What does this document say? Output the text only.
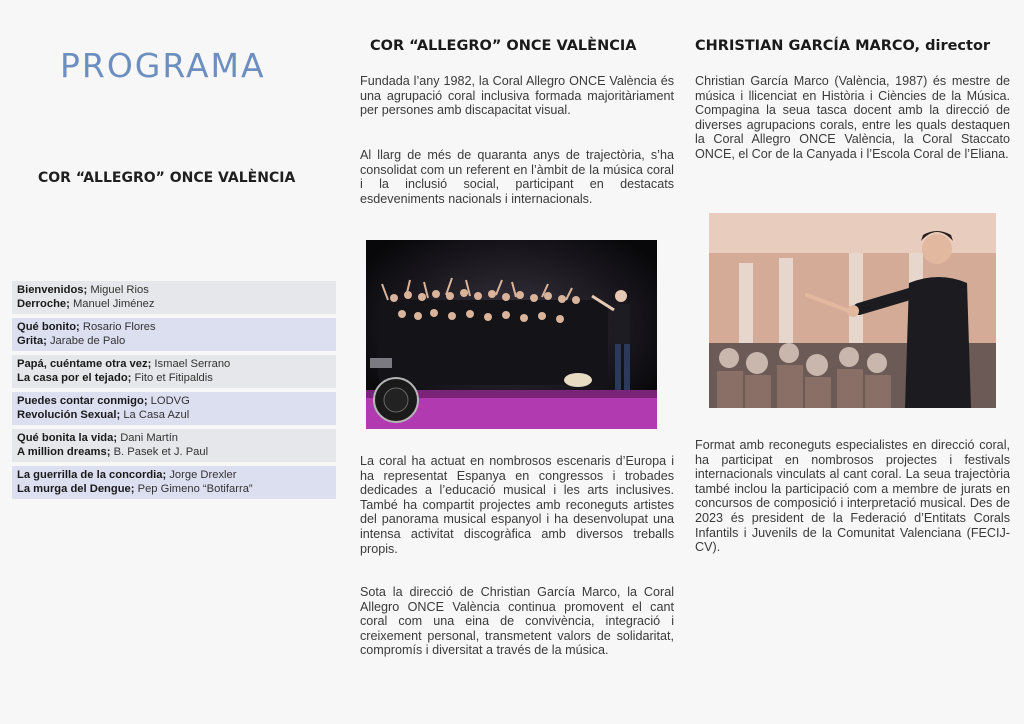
PROGRAMA
COR “ALLEGRO” ONCE VALÈNCIA
Bienvenidos; Miguel Rios
Derroche; Manuel Jiménez
Qué bonito; Rosario Flores
Grita; Jarabe de Palo
Papá, cuéntame otra vez; Ismael Serrano
La casa por el tejado; Fito et Fitipaldis
Puedes contar conmigo; LODVG
Revolución Sexual; La Casa Azul
Qué bonita la vida; Dani Martín
A million dreams; B. Pasek et J. Paul
La guerrilla de la concordia; Jorge Drexler
La murga del Dengue; Pep Gimeno “Botifarra”
COR “ALLEGRO” ONCE VALÈNCIA

Fundada l’any 1982, la Coral Allegro ONCE València és una agrupació coral inclusiva formada majoritàriament per persones amb discapacitat visual.

Al llarg de més de quaranta anys de trajectòria, s’ha consolidat com un referent en l’àmbit de la música coral i la inclusió social, participant en destacats esdeveniments nacionals i internacionals.

La coral ha actuat en nombrosos escenaris d’Europa i ha representat Espanya en congressos i trobades dedicades a l’educació musical i les arts inclusives. També ha compartit projectes amb reconeguts artistes del panorama musical espanyol i ha desenvolupat una intensa activitat discogràfica amb diversos treballs propis.

Sota la direcció de Christian García Marco, la Coral Allegro ONCE València continua promovent el cant coral com una eina de convivència, integració i creixement personal, transmetent valors de solidaritat, compromís i diversitat a través de la música.

CHRISTIAN GARCÍA MARCO, director

Christian García Marco (València, 1987) és mestre de música i llicenciat en Història i Ciències de la Música. Compagina la seua tasca docent amb la direcció de diverses agrupacions corals, entre les quals destaquen la Coral Allegro ONCE València, la Coral Staccato ONCE, el Cor de la Canyada i l’Escola Coral de l’Eliana.

Format amb reconeguts especialistes en direcció coral, ha participat en nombrosos projectes i festivals internacionals vinculats al cant coral. La seua trajectòria també inclou la participació com a membre de jurats en concursos de composició i interpretació musical. Des de 2023 és president de la Federació d’Entitats Corals Infantils i Juvenils de la Comunitat Valenciana (FECIJ-CV).
